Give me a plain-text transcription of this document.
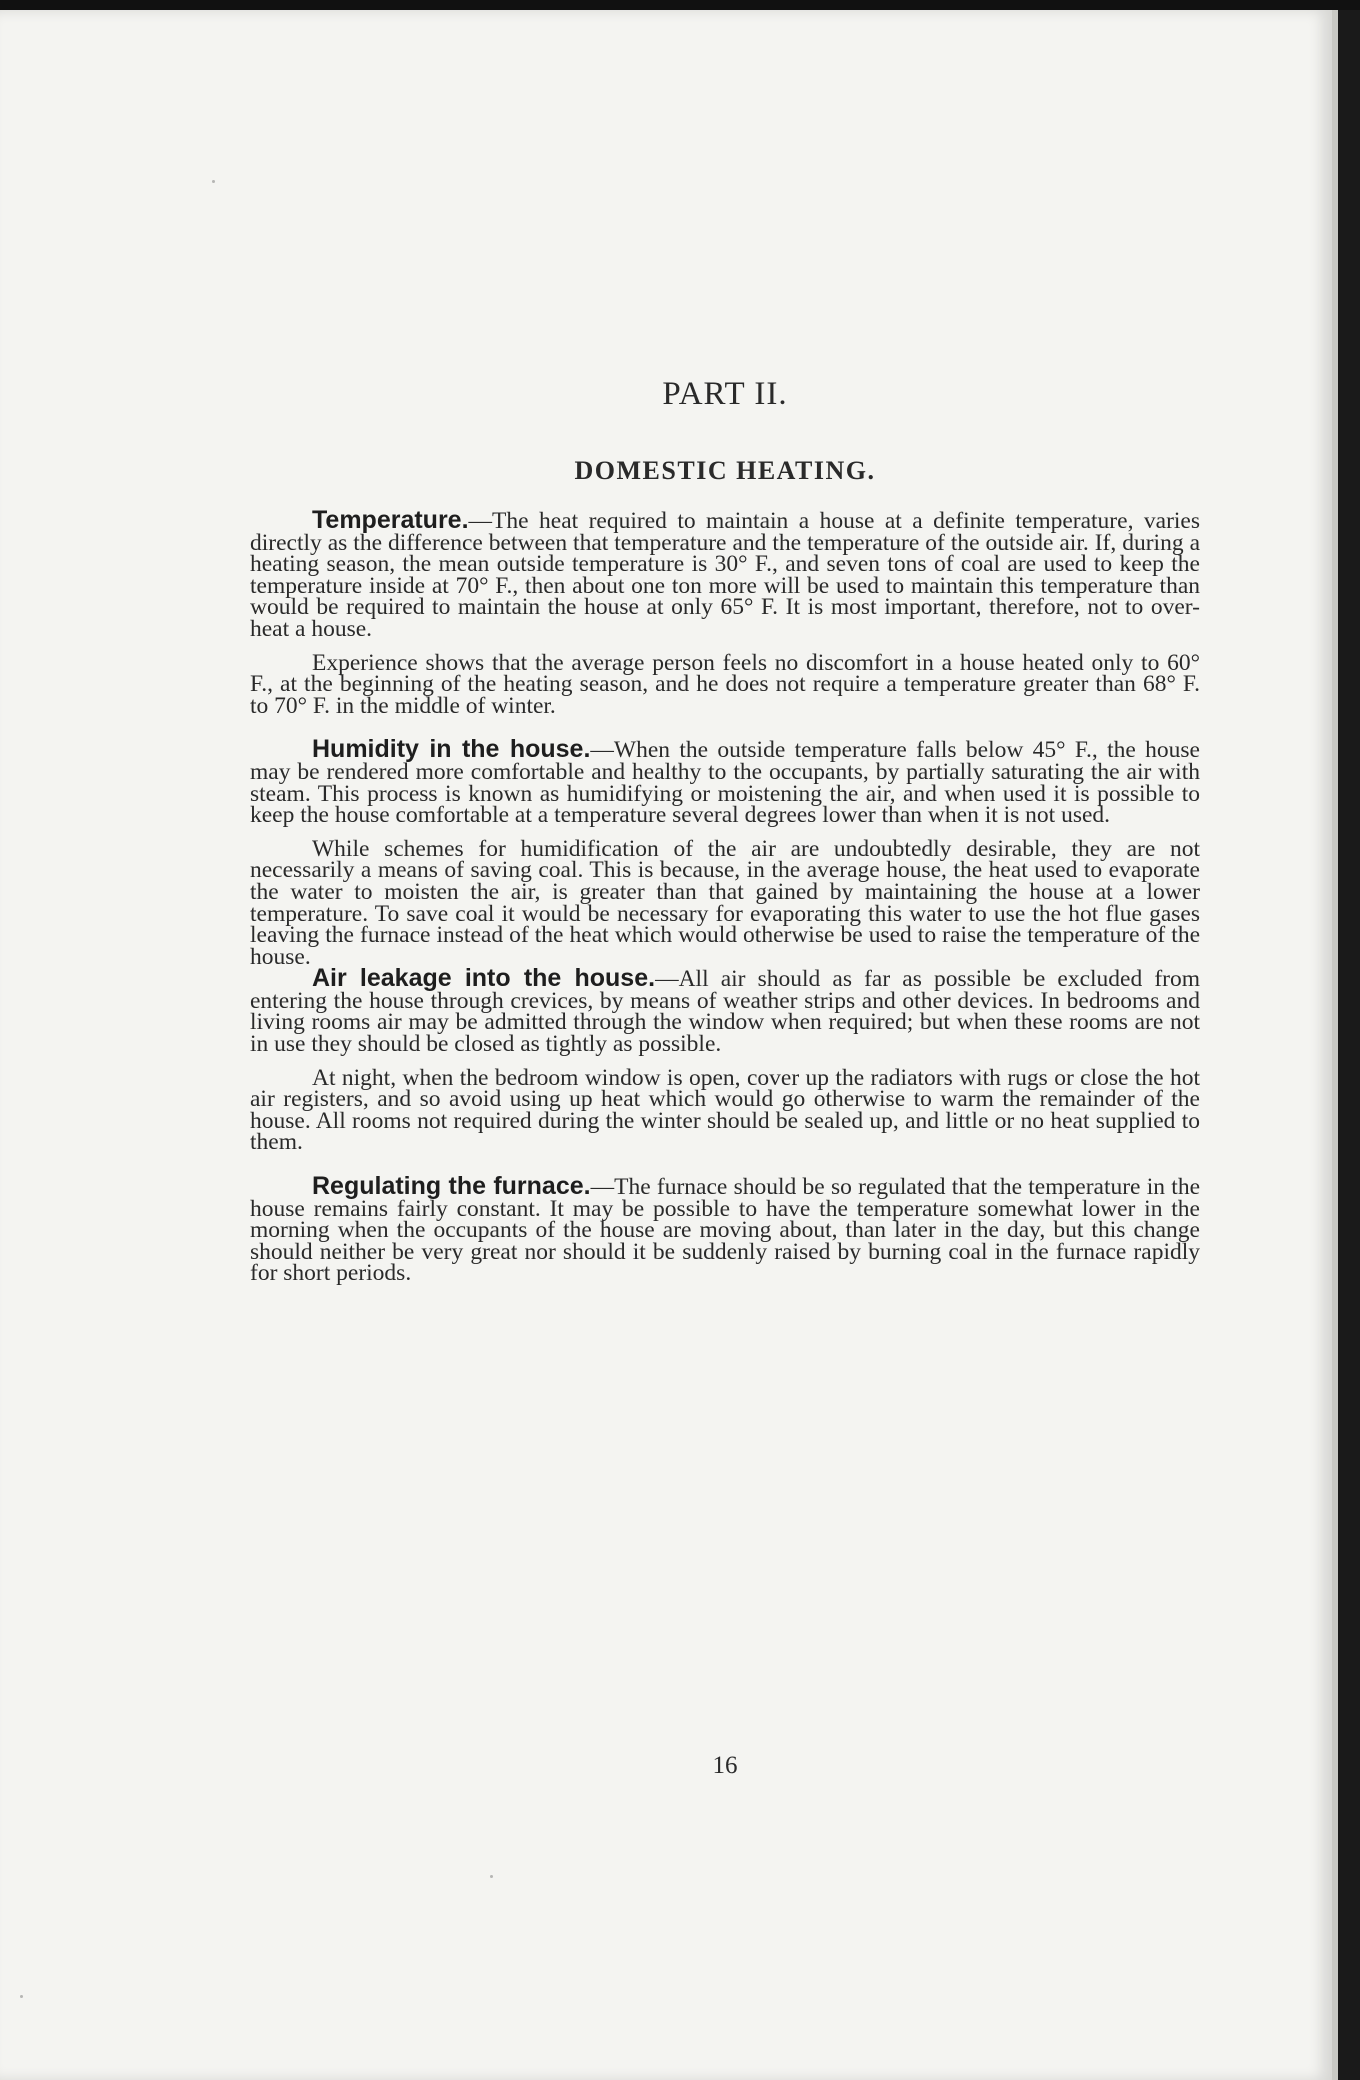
PART II.
DOMESTIC HEATING.

Temperature.—The heat required to maintain a house at a definite temperature, varies directly as the difference between that temperature and the temperature of the outside air. If, during a heating season, the mean outside temperature is 30° F., and seven tons of coal are used to keep the temperature inside at 70° F., then about one ton more will be used to maintain this temperature than would be required to maintain the house at only 65° F. It is most important, therefore, not to over-heat a house.

Experience shows that the average person feels no discomfort in a house heated only to 60° F., at the beginning of the heating season, and he does not require a temperature greater than 68° F. to 70° F. in the middle of winter.

Humidity in the house.—When the outside temperature falls below 45° F., the house may be rendered more comfortable and healthy to the occupants, by partially saturating the air with steam. This process is known as humidifying or moistening the air, and when used it is possible to keep the house comfortable at a temperature several degrees lower than when it is not used.

While schemes for humidification of the air are undoubtedly desirable, they are not necessarily a means of saving coal. This is because, in the average house, the heat used to evaporate the water to moisten the air, is greater than that gained by maintaining the house at a lower temperature. To save coal it would be necessary for evaporating this water to use the hot flue gases leaving the furnace instead of the heat which would otherwise be used to raise the temperature of the house.

Air leakage into the house.—All air should as far as possible be excluded from entering the house through crevices, by means of weather strips and other devices. In bedrooms and living rooms air may be admitted through the window when required; but when these rooms are not in use they should be closed as tightly as possible.

At night, when the bedroom window is open, cover up the radiators with rugs or close the hot air registers, and so avoid using up heat which would go otherwise to warm the remainder of the house. All rooms not required during the winter should be sealed up, and little or no heat supplied to them.

Regulating the furnace.—The furnace should be so regulated that the temperature in the house remains fairly constant. It may be possible to have the temperature somewhat lower in the morning when the occupants of the house are moving about, than later in the day, but this change should neither be very great nor should it be suddenly raised by burning coal in the furnace rapidly for short periods.

16
